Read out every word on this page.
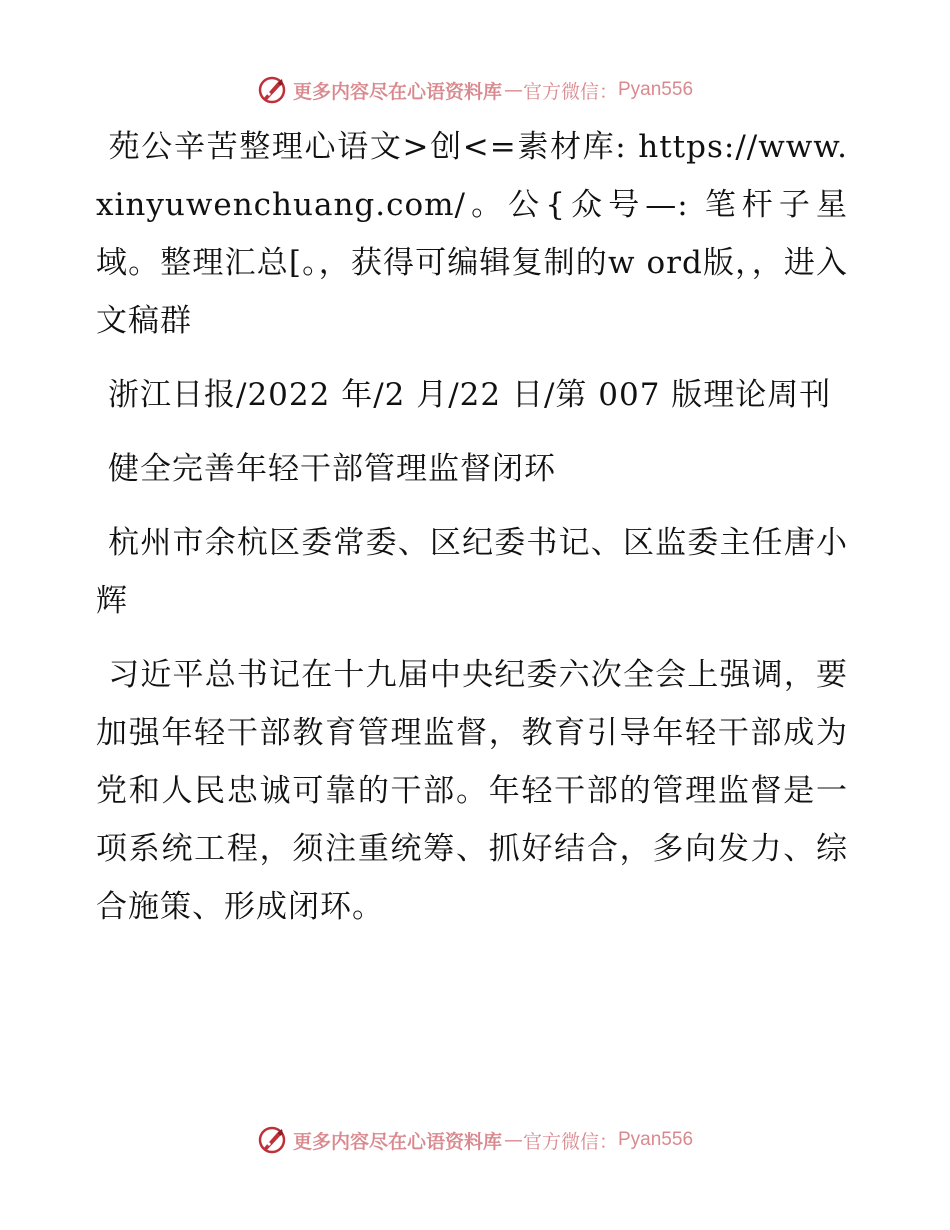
更多内容尽在心语资料库 — 官方微信： Pyan556

苑公辛苦整理心语文>创<=素材库: https://www.xinyuwenchuang.com/。公{众号—: 笔杆子星域。整理汇总[。，获得可编辑复制的w ord版，，进入文稿群

浙江日报/2022 年/2 月/22 日/第 007 版理论周刊

健全完善年轻干部管理监督闭环

杭州市余杭区委常委、区纪委书记、区监委主任唐小辉

习近平总书记在十九届中央纪委六次全会上强调，要加强年轻干部教育管理监督，教育引导年轻干部成为党和人民忠诚可靠的干部。年轻干部的管理监督是一项系统工程，须注重统筹、抓好结合，多向发力、综合施策、形成闭环。

更多内容尽在心语资料库 — 官方微信： Pyan556
